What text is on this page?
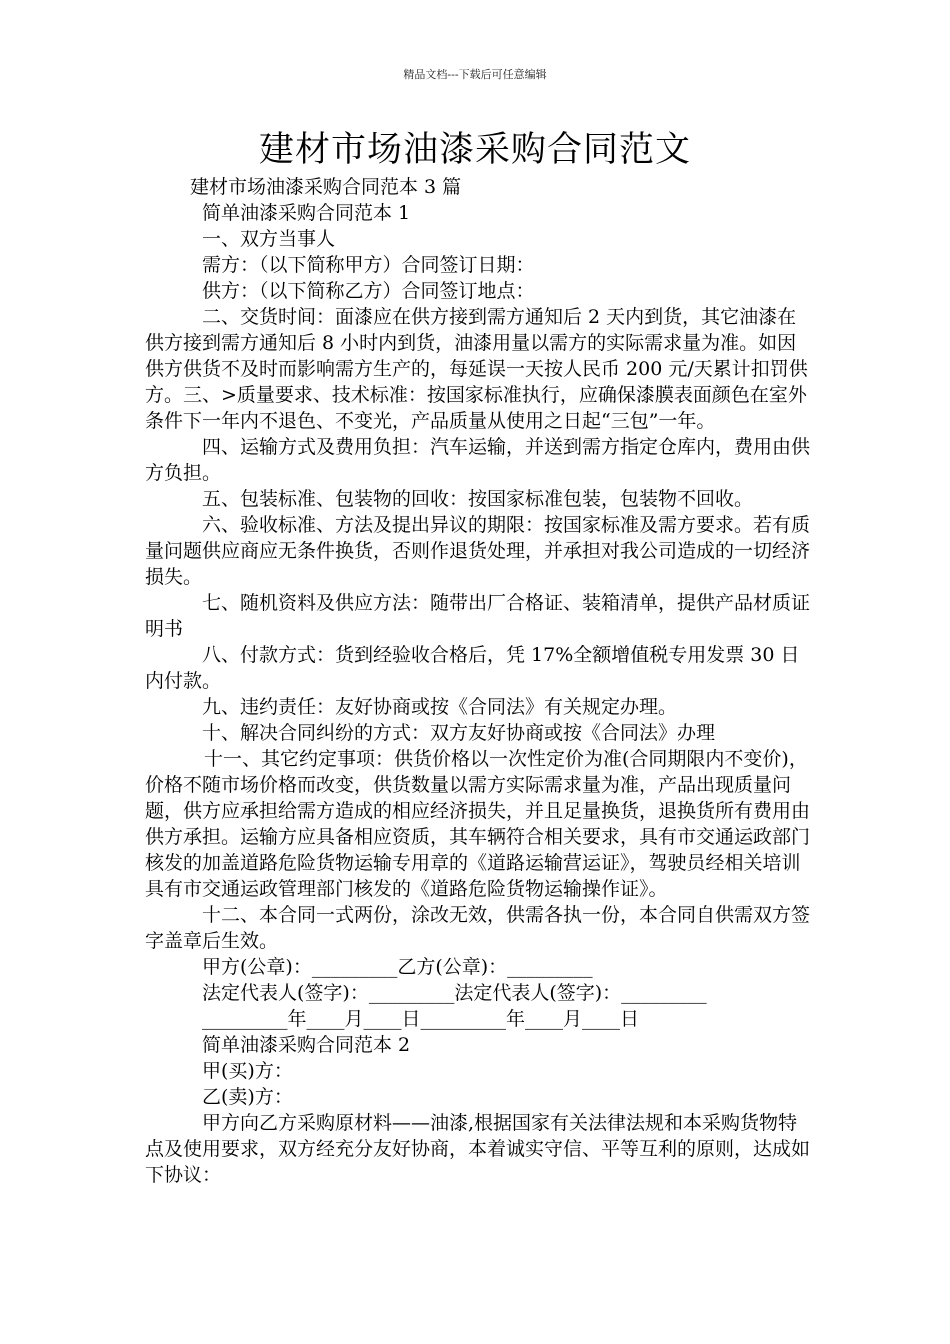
精品文档---下载后可任意编辑
建材市场油漆采购合同范文

建材市场油漆采购合同范本 3 篇

简单油漆采购合同范本 1

一、双方当事人

需方：（以下简称甲方）合同签订日期：

供方：（以下简称乙方）合同签订地点：

二、交货时间：面漆应在供方接到需方通知后 2 天内到货，其它油漆在供方接到需方通知后 8 小时内到货，油漆用量以需方的实际需求量为准。如因供方供货不及时而影响需方生产的，每延误一天按人民币 200 元/天累计扣罚供方。三、>质量要求、技术标准：按国家标准执行，应确保漆膜表面颜色在室外条件下一年内不退色、不变光，产品质量从使用之日起“三包”一年。

四、运输方式及费用负担：汽车运输，并送到需方指定仓库内，费用由供方负担。

五、包装标准、包装物的回收：按国家标准包装，包装物不回收。

六、验收标准、方法及提出异议的期限：按国家标准及需方要求。若有质量问题供应商应无条件换货，否则作退货处理，并承担对我公司造成的一切经济损失。

七、随机资料及供应方法：随带出厂合格证、装箱清单，提供产品材质证明书

八、付款方式：货到经验收合格后，凭 17%全额增值税专用发票 30 日内付款。

九、违约责任：友好协商或按《合同法》有关规定办理。

十、解决合同纠纷的方式：双方友好协商或按《合同法》办理

十一、其它约定事项：供货价格以一次性定价为准(合同期限内不变价)，价格不随市场价格而改变，供货数量以需方实际需求量为准，产品出现质量问题，供方应承担给需方造成的相应经济损失，并且足量换货，退换货所有费用由供方承担。运输方应具备相应资质，其车辆符合相关要求，具有市交通运政部门核发的加盖道路危险货物运输专用章的《道路运输营运证》，驾驶员经相关培训具有市交通运政管理部门核发的《道路危险货物运输操作证》。

十二、本合同一式两份，涂改无效，供需各执一份，本合同自供需双方签字盖章后生效。

甲方(公章)：_________乙方(公章)：_________

法定代表人(签字)：_________法定代表人(签字)：_________

_________年____月____日_________年____月____日

简单油漆采购合同范本 2

甲(买)方：

乙(卖)方：

甲方向乙方采购原材料——油漆,根据国家有关法律法规和本采购货物特点及使用要求，双方经充分友好协商，本着诚实守信、平等互利的原则，达成如下协议：
